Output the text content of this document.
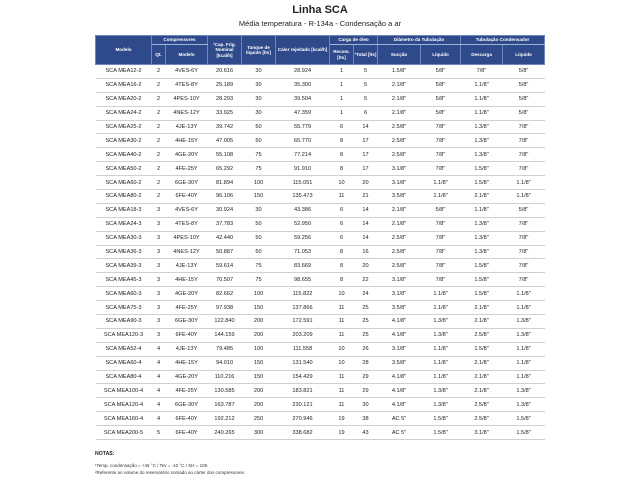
Linha SCA
Média temperatura - R-134a - Condensação a ar
Modelo	Compressores		¹Cap. Frig. Nominal [kcal/h]	Tanque de líquido [lts]	Calor rejeitado [kcal/h]	Carga de óleo		Diâmetro da Tubulação		Tubulação Condensador	
	Qt.	Modelo				Recom. [lts]	²Total [lts]	Sucção	Líquido	Descarga	Líquido
SCA MEA12-2	2	4VES-6Y	20.616	30	28.924	1	5	1.5/8"	5/8"	7/8"	5/8"
SCA MEA16-2	2	4TES-8Y	25.189	30	35.300	1	5	2.1/8"	5/8"	1.1/8"	5/8"
SCA MEA20-2	2	4PES-10Y	28.293	30	39.504	1	5	2.1/8"	5/8"	1.1/8"	5/8"
SCA MEA24-2	2	4NES-12Y	33.925	30	47.359	1	6	2.1/8"	5/8"	1.1/8"	5/8"
SCA MEA25-2	2	4JE-13Y	39.742	50	55.779	6	14	2.5/8"	7/8"	1.3/8"	7/8"
SCA MEA30-2	2	4HE-15Y	47.005	50	65.770	8	17	2.5/8"	7/8"	1.3/8"	7/8"
SCA MEA40-2	2	4GE-20Y	55.108	75	77.214	8	17	2.5/8"	7/8"	1.3/8"	7/8"
SCA MEA50-2	2	4FE-25Y	65.292	75	91.910	8	17	3.1/8"	7/8"	1.5/8"	7/8"
SCA MEA60-2	2	6GE-30Y	81.894	100	115.051	10	20	3.1/8"	1.1/8"	1.5/8"	1.1/8"
SCA MEA80-2	2	6FE-40Y	96.106	150	135.473	11	21	3.5/8"	1.1/8"	2.1/8"	1.1/8"
SCA MEA18-3	3	4VES-6Y	30.924	30	43.386	6	14	2.1/8"	5/8"	1.1/8"	5/8"
SCA MEA24-3	3	4TES-8Y	37.783	50	52.950	6	14	2.1/8"	7/8"	1.3/8"	7/8"
SCA MEA30-3	3	4PES-10Y	42.440	50	59.256	6	14	2.5/8"	7/8"	1.3/8"	7/8"
SCA MEA36-3	3	4NES-12Y	50.887	50	71.053	8	16	2.5/8"	7/8"	1.3/8"	7/8"
SCA MEA39-3	3	4JE-13Y	59.614	75	83.669	8	20	2.5/8"	7/8"	1.5/8"	7/8"
SCA MEA45-3	3	4HE-15Y	70.507	75	98.655	8	22	3.1/8"	7/8"	1.5/8"	7/8"
SCA MEA60-3	3	4GE-20Y	82.662	100	115.822	10	24	3.1/8"	1.1/8"	1.5/8"	1.1/8"
SCA MEA75-3	3	4FE-25Y	97.938	150	137.866	11	25	3.5/8"	1.1/8"	2.1/8"	1.1/8"
SCA MEA90-3	3	6GE-30Y	122.840	200	172.591	11	25	4.1/8"	1.3/8"	2.1/8"	1.3/8"
SCA MEA120-3	3	6FE-40Y	144.159	200	203.209	11	25	4.1/8"	1.3/8"	2.5/8"	1.3/8"
SCA MEA52-4	4	4JE-13Y	79.485	100	111.558	10	26	3.1/8"	1.1/8"	1.5/8"	1.1/8"
SCA MEA60-4	4	4HE-15Y	94.010	150	131.540	10	28	3.5/8"	1.1/8"	2.1/8"	1.1/8"
SCA MEA80-4	4	4GE-20Y	110.216	150	154.429	11	29	4.1/8"	1.1/8"	2.1/8"	1.1/8"
SCA MEA100-4	4	4FE-25Y	130.585	200	183.821	11	29	4.1/8"	1.3/8"	2.1/8"	1.3/8"
SCA MEA120-4	4	6GE-30Y	163.787	200	230.121	11	30	4.1/8"	1.3/8"	2.5/8"	1.3/8"
SCA MEA160-4	4	6FE-40Y	192.212	250	270.946	19	38	AC 5"	1.5/8"	2.5/8"	1.5/8"
SCA MEA200-5	5	6FE-40Y	240.265	300	338.682	19	43	AC 5"	1.5/8"	3.1/8"	1.5/8"
NOTAS:
¹Temp. condensação = +45 °C / Tev = -10 °C / SH = 10K
²Referente ao volume do reservatório somado ao cárter dos compressores.
